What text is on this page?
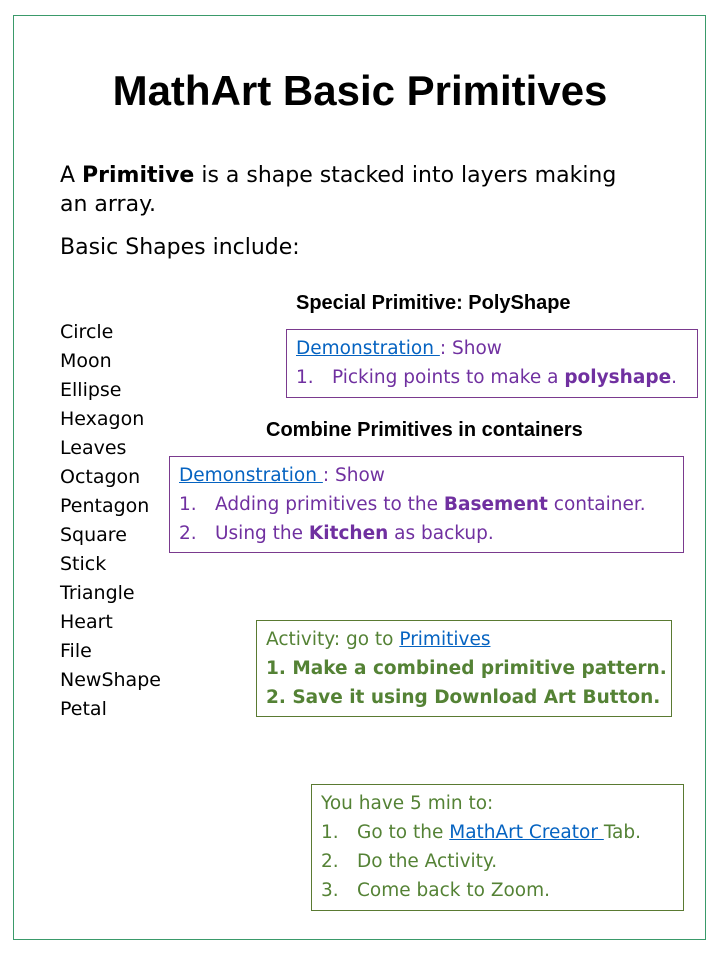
MathArt Basic Primitives

A Primitive is a shape stacked into layers making an array.

Basic Shapes include:

Circle
Moon
Ellipse
Hexagon
Leaves
Octagon
Pentagon
Square
Stick
Triangle
Heart
File
NewShape
Petal
Special Primitive: PolyShape
Demonstration : Show
1. Picking points to make a polyshape.
Combine Primitives in containers
Demonstration : Show
1. Adding primitives to the Basement container.
2. Using the Kitchen as backup.
Activity: go to Primitives
1. Make a combined primitive pattern.
2. Save it using Download Art Button.
You have 5 min to:
1. Go to the MathArt Creator Tab.
2. Do the Activity.
3. Come back to Zoom.
